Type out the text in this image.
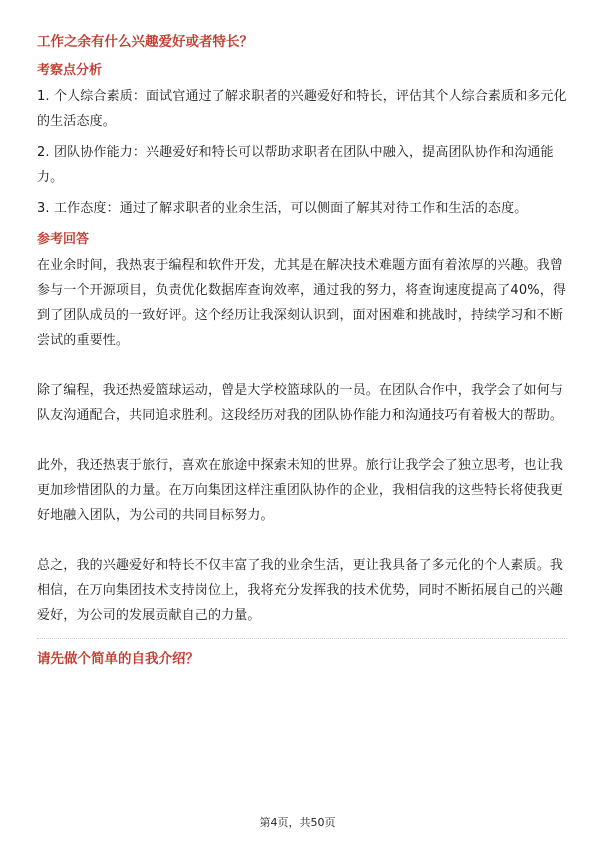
工作之余有什么兴趣爱好或者特长？
考察点分析

1. 个人综合素质：面试官通过了解求职者的兴趣爱好和特长，评估其个人综合素质和多元化的生活态度。

2. 团队协作能力：兴趣爱好和特长可以帮助求职者在团队中融入，提高团队协作和沟通能力。

3. 工作态度：通过了解求职者的业余生活，可以侧面了解其对待工作和生活的态度。

参考回答

在业余时间，我热衷于编程和软件开发，尤其是在解决技术难题方面有着浓厚的兴趣。我曾参与一个开源项目，负责优化数据库查询效率，通过我的努力，将查询速度提高了40%，得到了团队成员的一致好评。这个经历让我深刻认识到，面对困难和挑战时，持续学习和不断尝试的重要性。

除了编程，我还热爱篮球运动，曾是大学校篮球队的一员。在团队合作中，我学会了如何与队友沟通配合，共同追求胜利。这段经历对我的团队协作能力和沟通技巧有着极大的帮助。

此外，我还热衷于旅行，喜欢在旅途中探索未知的世界。旅行让我学会了独立思考，也让我更加珍惜团队的力量。在万向集团这样注重团队协作的企业，我相信我的这些特长将使我更好地融入团队，为公司的共同目标努力。

总之，我的兴趣爱好和特长不仅丰富了我的业余生活，更让我具备了多元化的个人素质。我相信，在万向集团技术支持岗位上，我将充分发挥我的技术优势，同时不断拓展自己的兴趣爱好，为公司的发展贡献自己的力量。

请先做个简单的自我介绍？
第4页，共50页
